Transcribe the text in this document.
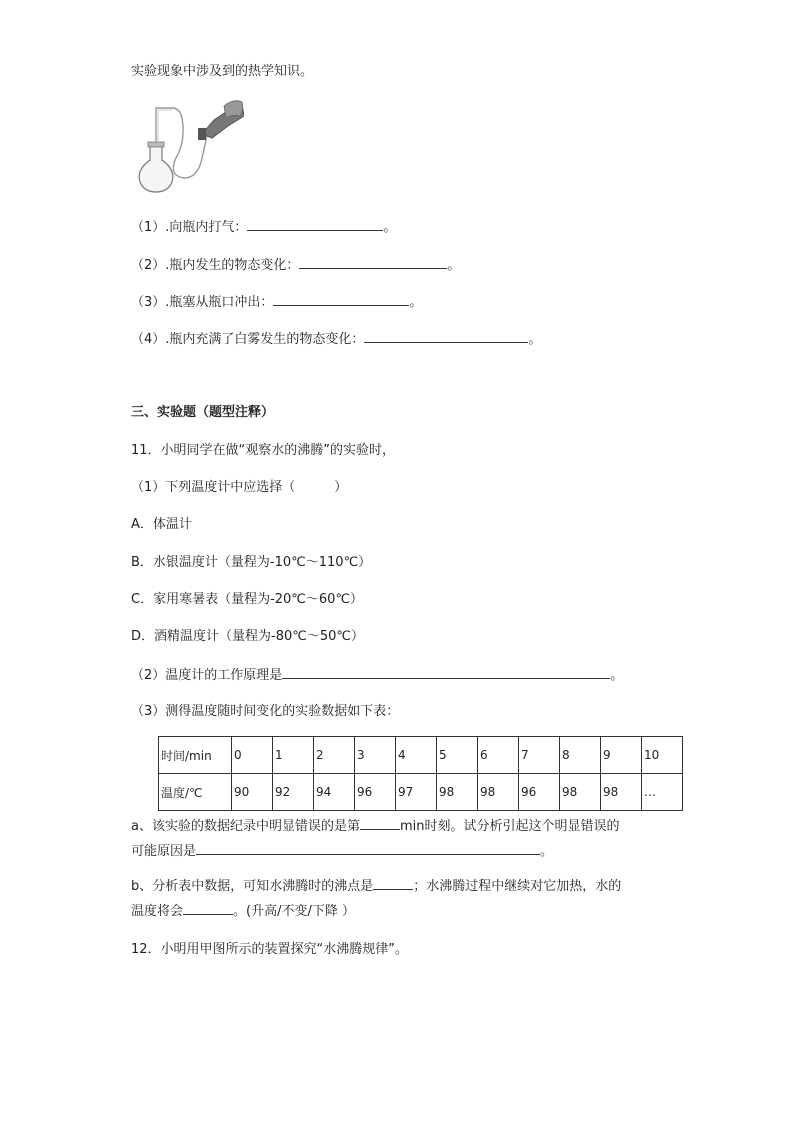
实验现象中涉及到的热学知识。
（1）.向瓶内打气：	。
（2）.瓶内发生的物态变化：	。
（3）.瓶塞从瓶口冲出：	。
（4）.瓶内充满了白雾发生的物态变化：	。
三、实验题（题型注释）
11．小明同学在做“观察水的沸腾”的实验时，
（1）下列温度计中应选择（　　　）
A．体温计
B．水银温度计（量程为-10℃～110℃）
C．家用寒暑表（量程为-20℃～60℃）
D．酒精温度计（量程为-80℃～50℃）
（2）温度计的工作原理是	。
（3）测得温度随时间变化的实验数据如下表：
时间/min	0	1	2	3	4	5	6	7	8	9	10
温度/℃	90	92	94	96	97	98	98	96	98	98	…
a、该实验的数据纪录中明显错误的是第	min时刻。试分析引起这个明显错误的
可能原因是	。
b、分析表中数据，可知水沸腾时的沸点是	；水沸腾过程中继续对它加热，水的
温度将会	。(升高/不变/下降 ）
12．小明用甲图所示的装置探究“水沸腾规律”。
